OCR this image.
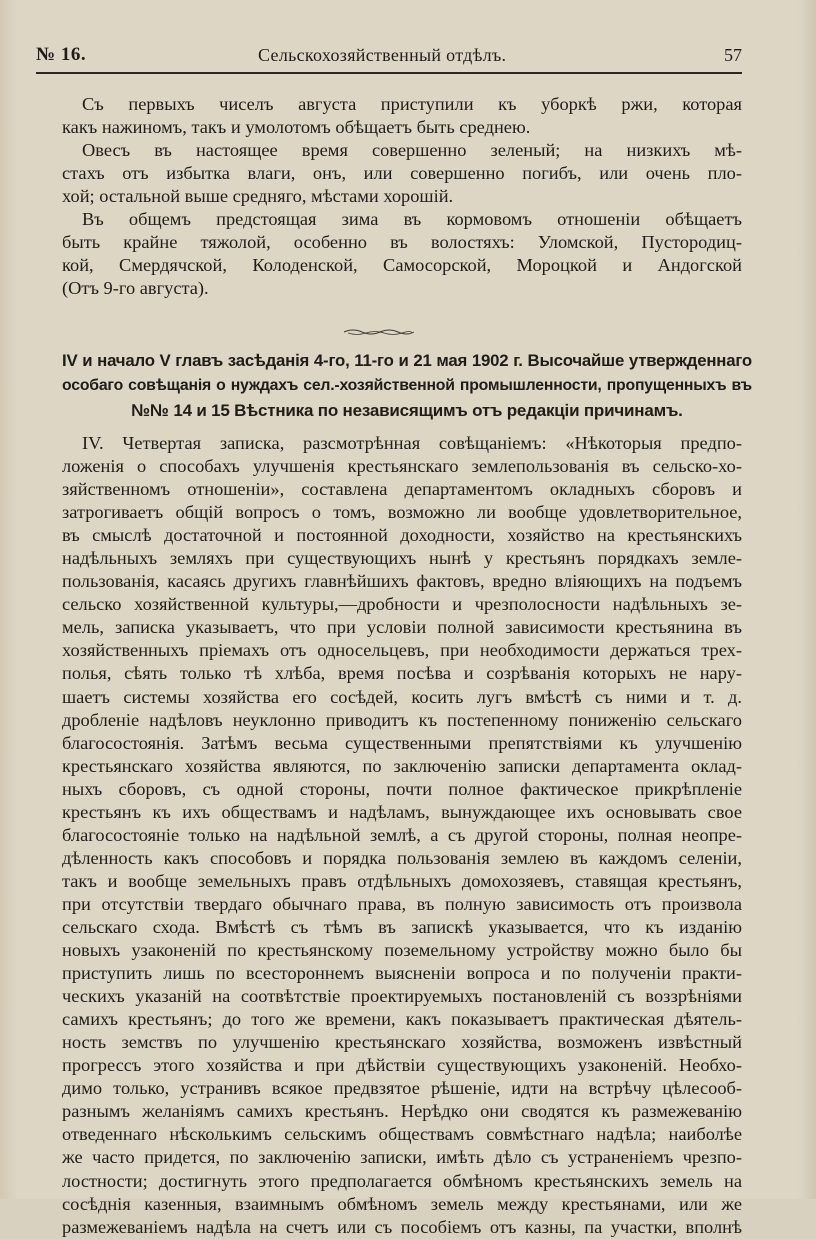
№ 16.	Сельскохозяйственный отдѣлъ.	57
Съ первыхъ чиселъ августа приступили къ уборкѣ ржи, которая
какъ нажиномъ, такъ и умолотомъ обѣщаетъ быть среднею.
Овесъ въ настоящее время совершенно зеленый; на низкихъ мѣ-
стахъ отъ избытка влаги, онъ, или совершенно погибъ, или очень пло-
хой; остальной выше средняго, мѣстами хорошій.
Въ общемъ предстоящая зима въ кормовомъ отношеніи обѣщаетъ
быть крайне тяжолой, особенно въ волостяхъ: Уломской, Пустородиц-
кой, Смердячской, Колоденской, Самосорской, Мороцкой и Андогской
(Отъ 9-го августа).
IV и начало V главъ засѣданія 4-го, 11-го и 21 мая 1902 г. Высочайше утвержденнаго
особаго совѣщанія о нуждахъ сел.-хозяйственной промышленности, пропущенныхъ въ
№№ 14 и 15 Вѣстника по независящимъ отъ редакціи причинамъ.
IV. Четвертая записка, разсмотрѣнная совѣщаніемъ: «Нѣкоторыя предпо-
ложенія о способахъ улучшенія крестьянскаго землепользованія въ сельско-хо-
зяйственномъ отношеніи», составлена департаментомъ окладныхъ сборовъ и
затрогиваетъ общій вопросъ о томъ, возможно ли вообще удовлетворительное,
въ смыслѣ достаточной и постоянной доходности, хозяйство на крестьянскихъ
надѣльныхъ земляхъ при существующихъ нынѣ у крестьянъ порядкахъ земле-
пользованія, касаясь другихъ главнѣйшихъ фактовъ, вредно вліяющихъ на подъемъ
сельско хозяйственной культуры,—дробности и чрезполосности надѣльныхъ зе-
мель, записка указываетъ, что при условіи полной зависимости крестьянина въ
хозяйственныхъ пріемахъ отъ односельцевъ, при необходимости держаться трех-
полья, сѣять только тѣ хлѣба, время посѣва и созрѣванія которыхъ не нару-
шаетъ системы хозяйства его сосѣдей, косить лугъ вмѣстѣ съ ними и т. д.
дробленіе надѣловъ неуклонно приводитъ къ постепенному пониженію сельскаго
благосостоянія. Затѣмъ весьма существенными препятствіями къ улучшенію
крестьянскаго хозяйства являются, по заключенію записки департамента оклад-
ныхъ сборовъ, съ одной стороны, почти полное фактическое прикрѣпленіе
крестьянъ къ ихъ обществамъ и надѣламъ, вынуждающее ихъ основывать свое
благосостояніе только на надѣльной землѣ, а съ другой стороны, полная неопре-
дѣленность какъ способовъ и порядка пользованія землею въ каждомъ селеніи,
такъ и вообще земельныхъ правъ отдѣльныхъ домохозяевъ, ставящая крестьянъ,
при отсутствіи твердаго обычнаго права, въ полную зависимость отъ произвола
сельскаго схода. Вмѣстѣ съ тѣмъ въ запискѣ указывается, что къ изданію
новыхъ узаконеній по крестьянскому поземельному устройству можно было бы
приступить лишь по всестороннемъ выясненіи вопроса и по полученіи практи-
ческихъ указаній на соотвѣтствіе проектируемыхъ постановленій съ воззрѣніями
самихъ крестьянъ; до того же времени, какъ показываетъ практическая дѣятель-
ность земствъ по улучшенію крестьянскаго хозяйства, возможенъ извѣстный
прогрессъ этого хозяйства и при дѣйствіи существующихъ узаконеній. Необхо-
димо только, устранивъ всякое предвзятое рѣшеніе, идти на встрѣчу цѣлесооб-
разнымъ желаніямъ самихъ крестьянъ. Нерѣдко они сводятся къ размежеванію
отведеннаго нѣсколькимъ сельскимъ обществамъ совмѣстнаго надѣла; наиболѣе
же часто придется, по заключенію записки, имѣть дѣло съ устраненіемъ чрезпо-
лостности; достигнуть этого предполагается обмѣномъ крестьянскихъ земель на
сосѣднія казенныя, взаимнымъ обмѣномъ земель между крестьянами, или же
размежеваніемъ надѣла на счетъ или съ пособіемъ отъ казны, па участки, вполнѣ
